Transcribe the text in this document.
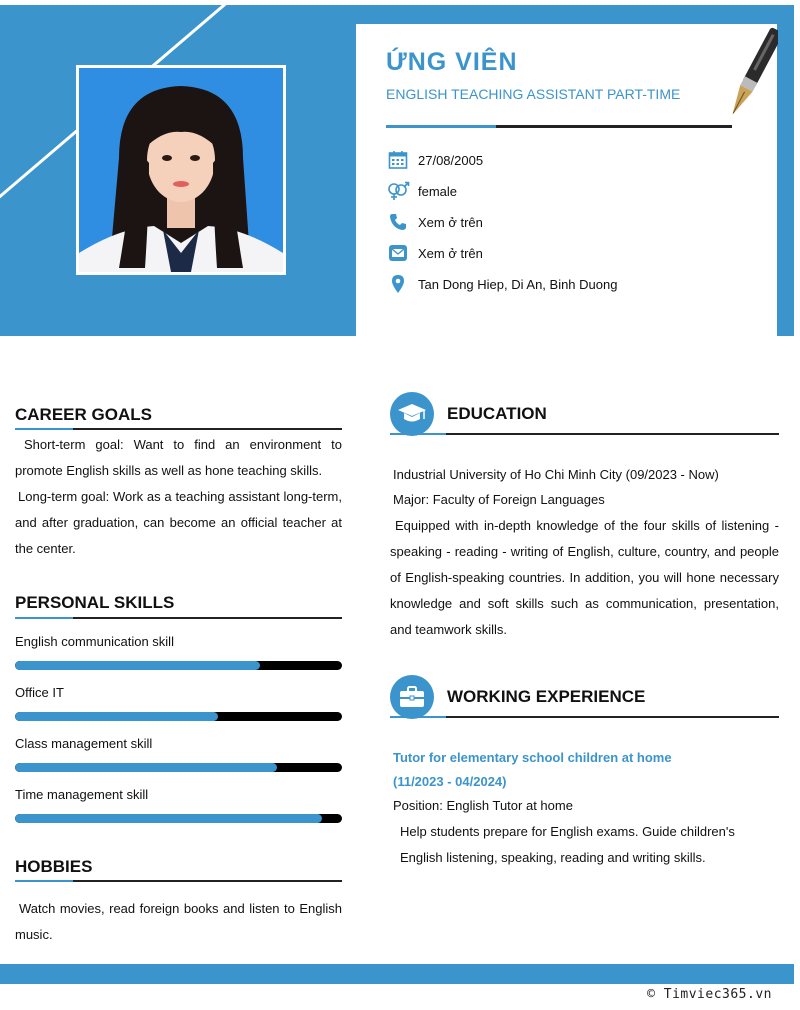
ỨNG VIÊN
ENGLISH TEACHING ASSISTANT PART-TIME
27/08/2005
female
Xem ở trên
Xem ở trên
Tan Dong Hiep, Di An, Binh Duong
CAREER GOALS
Short-term goal: Want to find an environment to promote English skills as well as hone teaching skills.
Long-term goal: Work as a teaching assistant long-term, and after graduation, can become an official teacher at the center.
PERSONAL SKILLS
English communication skill
Office IT
Class management skill
Time management skill
HOBBIES
Watch movies, read foreign books and listen to English music.
EDUCATION
Industrial University of Ho Chi Minh City (09/2023 - Now)
Major: Faculty of Foreign Languages
Equipped with in-depth knowledge of the four skills of listening - speaking - reading - writing of English, culture, country, and people of English-speaking countries. In addition, you will hone necessary knowledge and soft skills such as communication, presentation, and teamwork skills.
WORKING EXPERIENCE
Tutor for elementary school children at home
(11/2023 - 04/2024)
Position: English Tutor at home
Help students prepare for English exams. Guide children's English listening, speaking, reading and writing skills.
© Timviec365.vn
